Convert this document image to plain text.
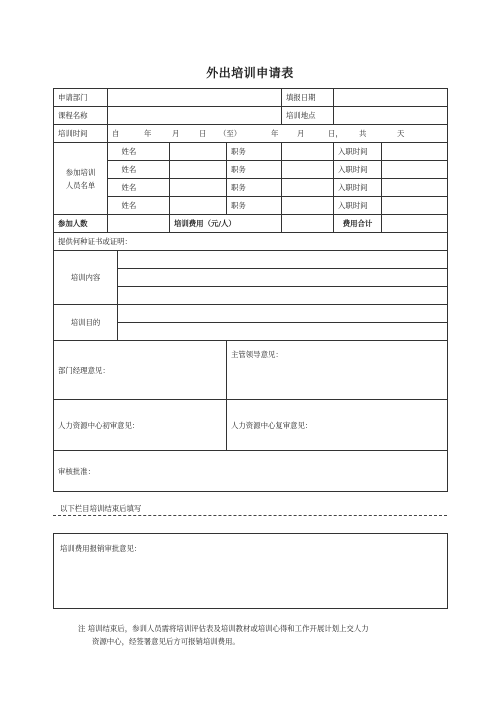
外出培训申请表
申请部门					填报日期		
课程名称					培训地点		
培训时间	自 年 月 日 （至） 年 月 日， 共 天						
参加培训
人员名单		姓名		职务		入职时间	
		姓名		职务		入职时间	
		姓名		职务		入职时间	
		姓名		职务		入职时间	
参加人数			培训费用（元/人）			费用合计	
提供何种证书或证明：							
培训内容							

培训目的							

部门经理意见：				主管领导意见：			
人力资源中心初审意见：				人力资源中心复审意见：			
审核批准：							
以下栏目培训结束后填写
培训费用报销审批意见：
注 培训结束后，参训人员需将培训评估表及培训教材或培训心得和工作开展计划上交人力
资源中心，经签署意见后方可报销培训费用。
